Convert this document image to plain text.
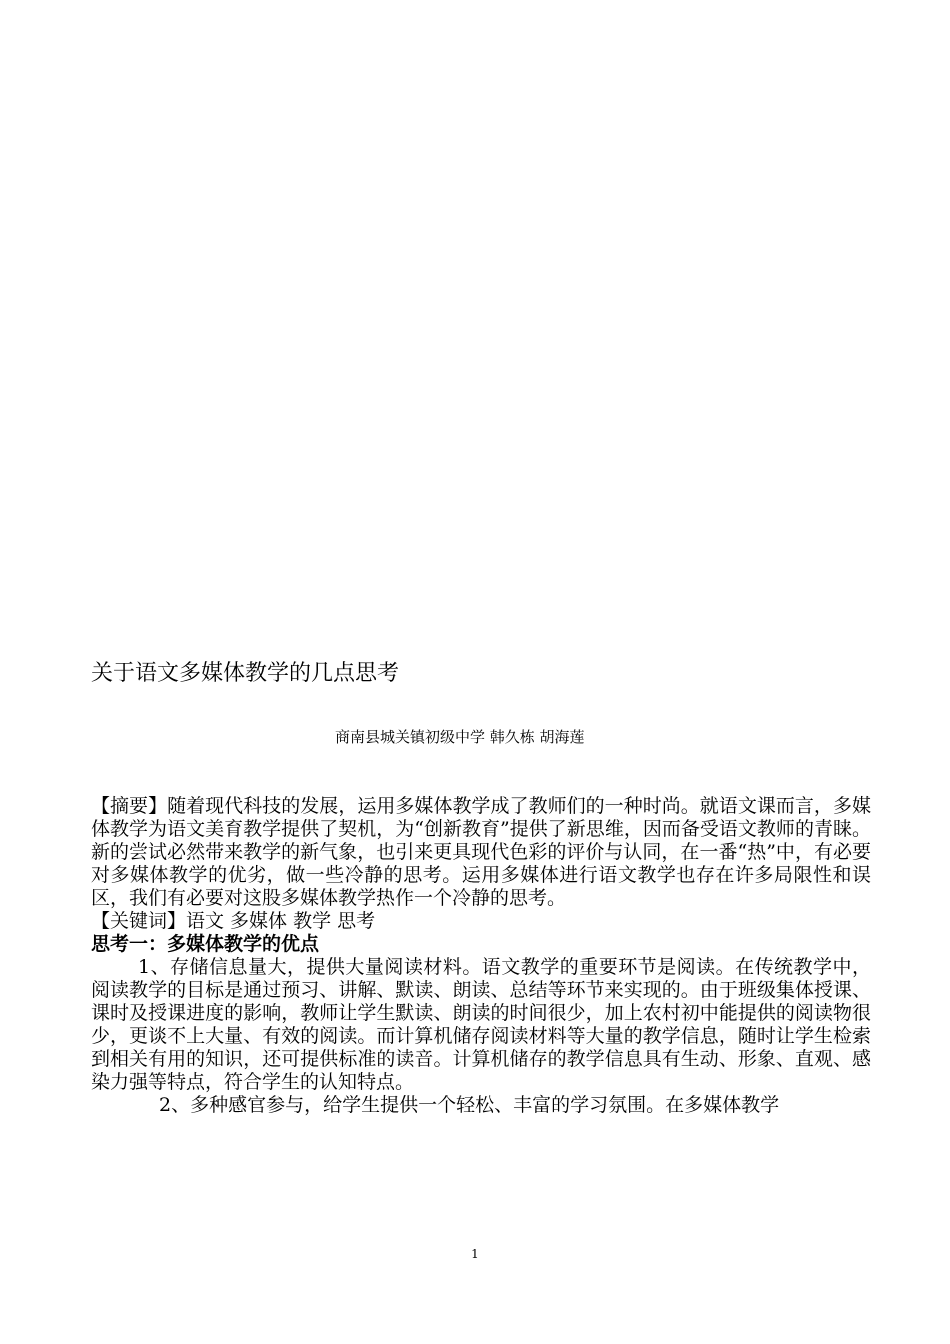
关于语文多媒体教学的几点思考
商南县城关镇初级中学 韩久栋 胡海莲

【摘要】随着现代科技的发展，运用多媒体教学成了教师们的一种时尚。就语文课而言，多媒体教学为语文美育教学提供了契机，为“创新教育”提供了新思维，因而备受语文教师的青睐。新的尝试必然带来教学的新气象，也引来更具现代色彩的评价与认同，在一番“热”中，有必要对多媒体教学的优劣，做一些冷静的思考。运用多媒体进行语文教学也存在许多局限性和误区，我们有必要对这股多媒体教学热作一个冷静的思考。

【关键词】语文 多媒体 教学 思考

思考一：多媒体教学的优点

1、存储信息量大，提供大量阅读材料。语文教学的重要环节是阅读。在传统教学中，阅读教学的目标是通过预习、讲解、默读、朗读、总结等环节来实现的。由于班级集体授课、课时及授课进度的影响，教师让学生默读、朗读的时间很少，加上农村初中能提供的阅读物很少，更谈不上大量、有效的阅读。而计算机储存阅读材料等大量的教学信息，随时让学生检索到相关有用的知识，还可提供标准的读音。计算机储存的教学信息具有生动、形象、直观、感染力强等特点，符合学生的认知特点。

2、多种感官参与，给学生提供一个轻松、丰富的学习氛围。在多媒体教学

1
